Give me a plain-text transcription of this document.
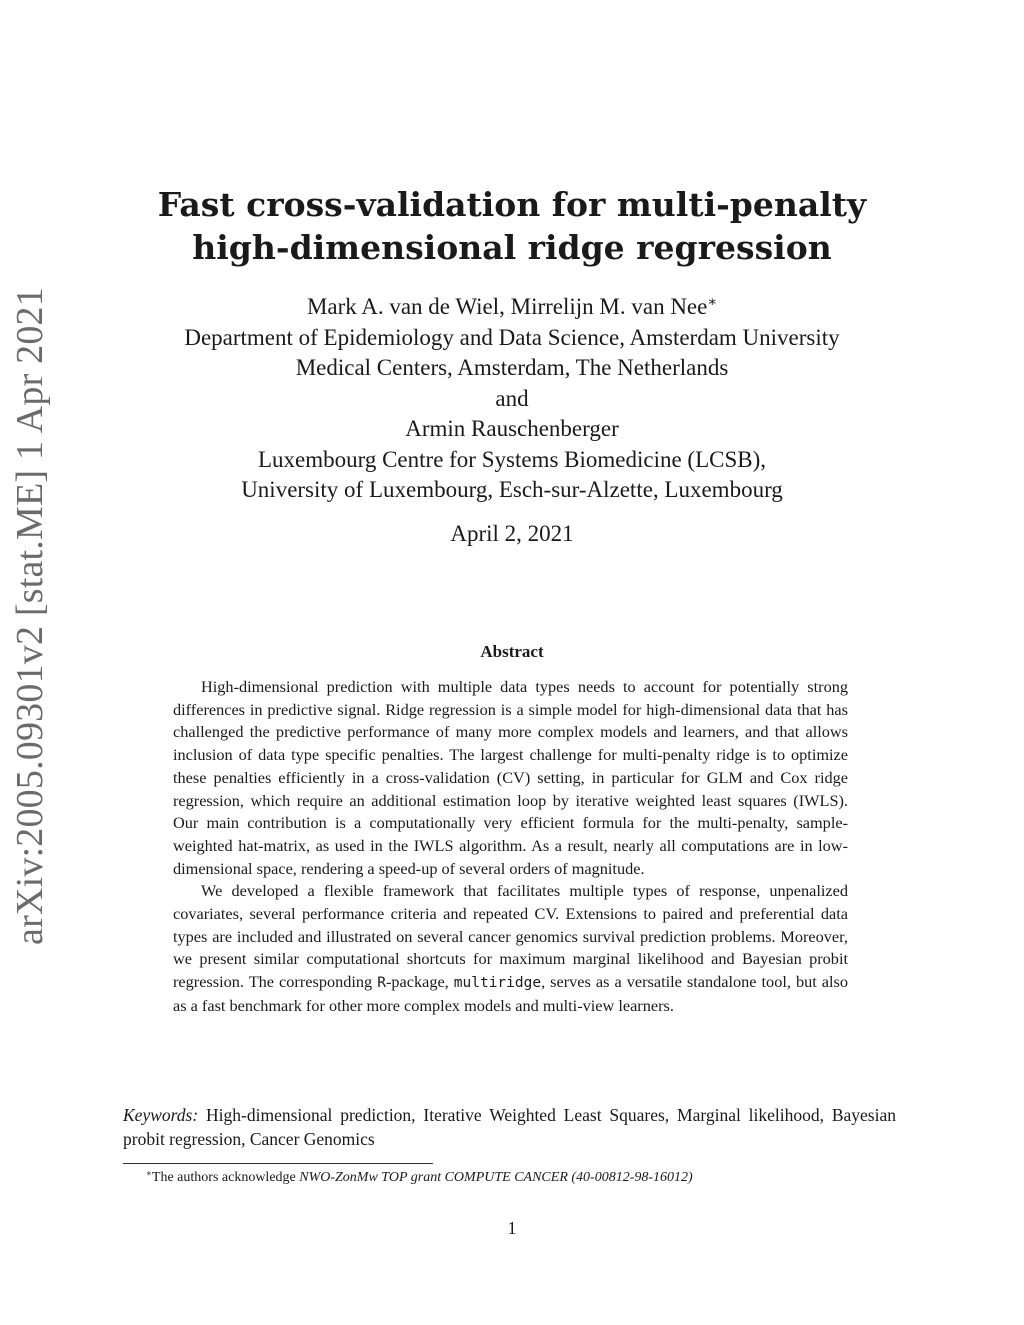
arXiv:2005.09301v2 [stat.ME] 1 Apr 2021
Fast cross-validation for multi-penalty
high-dimensional ridge regression
Mark A. van de Wiel, Mirrelijn M. van Nee∗
Department of Epidemiology and Data Science, Amsterdam University
Medical Centers, Amsterdam, The Netherlands
and
Armin Rauschenberger
Luxembourg Centre for Systems Biomedicine (LCSB),
University of Luxembourg, Esch-sur-Alzette, Luxembourg
April 2, 2021
Abstract

High-dimensional prediction with multiple data types needs to account for potentially strong differences in predictive signal. Ridge regression is a simple model for high-dimensional data that has challenged the predictive performance of many more complex models and learners, and that allows inclusion of data type specific penalties. The largest challenge for multi-penalty ridge is to optimize these penalties efficiently in a cross-validation (CV) setting, in particular for GLM and Cox ridge regression, which require an additional estimation loop by iterative weighted least squares (IWLS). Our main contribution is a computationally very efficient formula for the multi-penalty, sample-weighted hat-matrix, as used in the IWLS algorithm. As a result, nearly all computations are in low-dimensional space, rendering a speed-up of several orders of magnitude.

We developed a flexible framework that facilitates multiple types of response, unpenalized covariates, several performance criteria and repeated CV. Extensions to paired and preferential data types are included and illustrated on several cancer genomics survival prediction problems. Moreover, we present similar computational shortcuts for maximum marginal likelihood and Bayesian probit regression. The corresponding R-package, multiridge, serves as a versatile standalone tool, but also as a fast benchmark for other more complex models and multi-view learners.

Keywords: High-dimensional prediction, Iterative Weighted Least Squares, Marginal likelihood, Bayesian probit regression, Cancer Genomics
∗The authors acknowledge NWO-ZonMw TOP grant COMPUTE CANCER (40-00812-98-16012)
1
